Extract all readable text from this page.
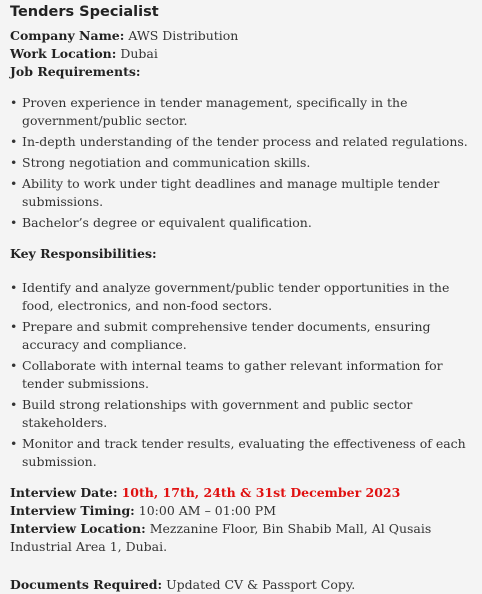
Tenders Specialist

Company Name: AWS Distribution

Work Location: Dubai

Job Requirements:

• Proven experience in tender management, specifically in the government/public sector.
• In-depth understanding of the tender process and related regulations.
• Strong negotiation and communication skills.
• Ability to work under tight deadlines and manage multiple tender submissions.
• Bachelor’s degree or equivalent qualification.

Key Responsibilities:

• Identify and analyze government/public tender opportunities in the food, electronics, and non-food sectors.
• Prepare and submit comprehensive tender documents, ensuring accuracy and compliance.
• Collaborate with internal teams to gather relevant information for tender submissions.
• Build strong relationships with government and public sector stakeholders.
• Monitor and track tender results, evaluating the effectiveness of each submission.

Interview Date: 10th, 17th, 24th & 31st December 2023

Interview Timing: 10:00 AM – 01:00 PM

Interview Location: Mezzanine Floor, Bin Shabib Mall, Al Qusais Industrial Area 1, Dubai.

Documents Required: Updated CV & Passport Copy.
